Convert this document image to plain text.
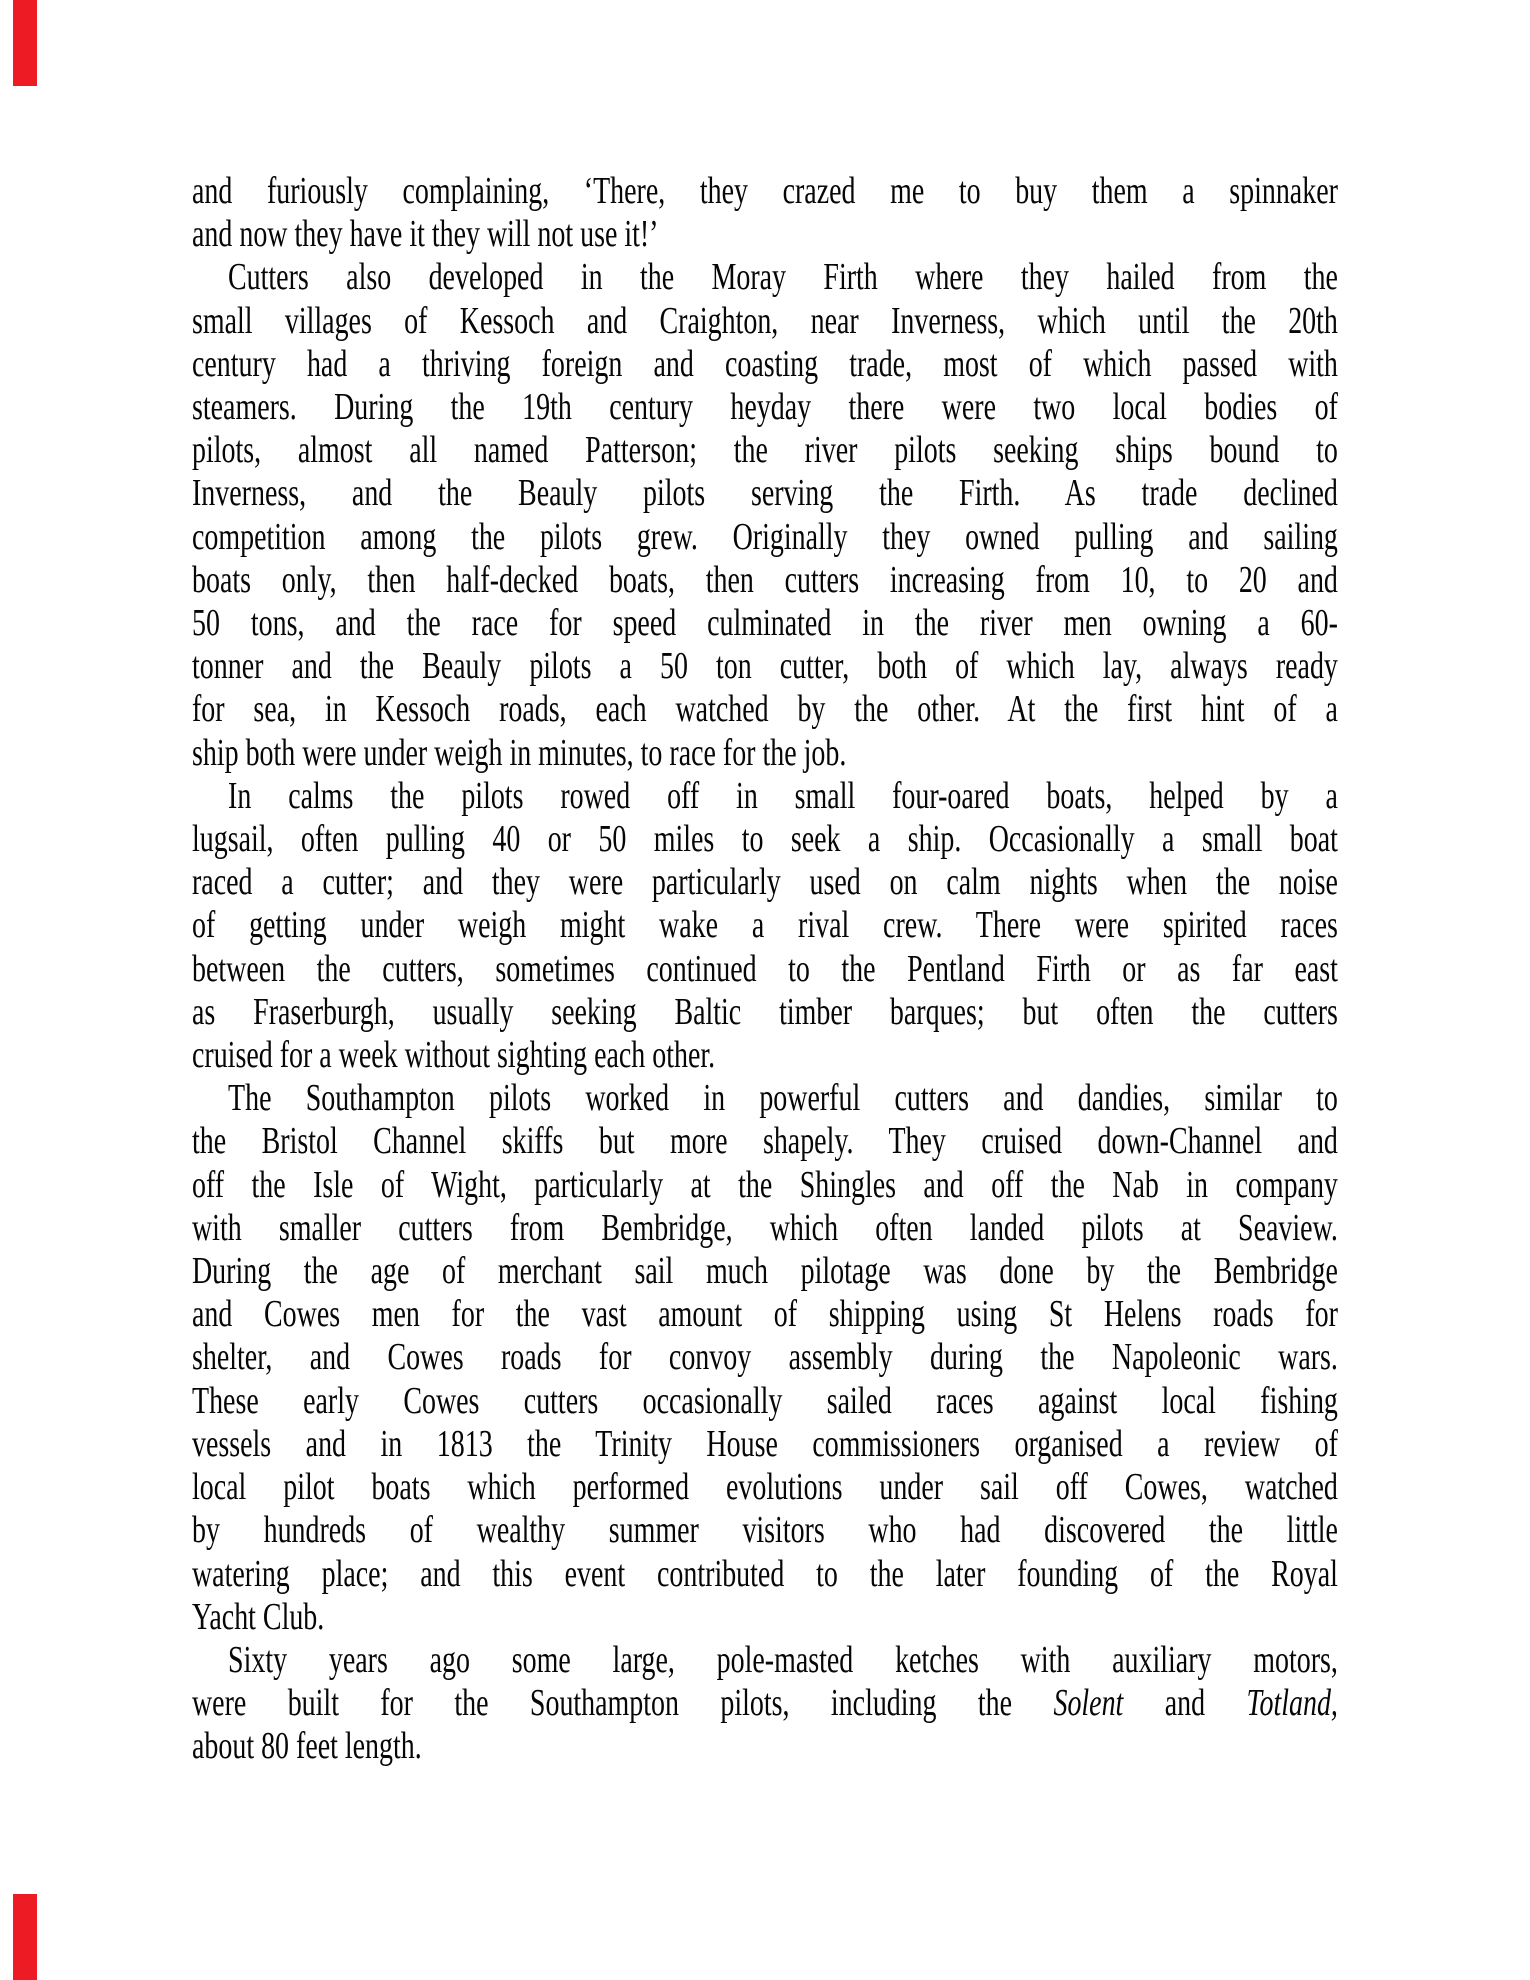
and furiously complaining, ‘There, they crazed me to buy them a spinnaker
and now they have it they will not use it!’
Cutters also developed in the Moray Firth where they hailed from the
small villages of Kessoch and Craighton, near Inverness, which until the 20th
century had a thriving foreign and coasting trade, most of which passed with
steamers. During the 19th century heyday there were two local bodies of
pilots, almost all named Patterson; the river pilots seeking ships bound to
Inverness, and the Beauly pilots serving the Firth. As trade declined
competition among the pilots grew. Originally they owned pulling and sailing
boats only, then half-decked boats, then cutters increasing from 10, to 20 and
50 tons, and the race for speed culminated in the river men owning a 60-
tonner and the Beauly pilots a 50 ton cutter, both of which lay, always ready
for sea, in Kessoch roads, each watched by the other. At the first hint of a
ship both were under weigh in minutes, to race for the job.
In calms the pilots rowed off in small four-oared boats, helped by a
lugsail, often pulling 40 or 50 miles to seek a ship. Occasionally a small boat
raced a cutter; and they were particularly used on calm nights when the noise
of getting under weigh might wake a rival crew. There were spirited races
between the cutters, sometimes continued to the Pentland Firth or as far east
as Fraserburgh, usually seeking Baltic timber barques; but often the cutters
cruised for a week without sighting each other.
The Southampton pilots worked in powerful cutters and dandies, similar to
the Bristol Channel skiffs but more shapely. They cruised down-Channel and
off the Isle of Wight, particularly at the Shingles and off the Nab in company
with smaller cutters from Bembridge, which often landed pilots at Seaview.
During the age of merchant sail much pilotage was done by the Bembridge
and Cowes men for the vast amount of shipping using St Helens roads for
shelter, and Cowes roads for convoy assembly during the Napoleonic wars.
These early Cowes cutters occasionally sailed races against local fishing
vessels and in 1813 the Trinity House commissioners organised a review of
local pilot boats which performed evolutions under sail off Cowes, watched
by hundreds of wealthy summer visitors who had discovered the little
watering place; and this event contributed to the later founding of the Royal
Yacht Club.
Sixty years ago some large, pole-masted ketches with auxiliary motors,
were built for the Southampton pilots, including the Solent and Totland,
about 80 feet length.
